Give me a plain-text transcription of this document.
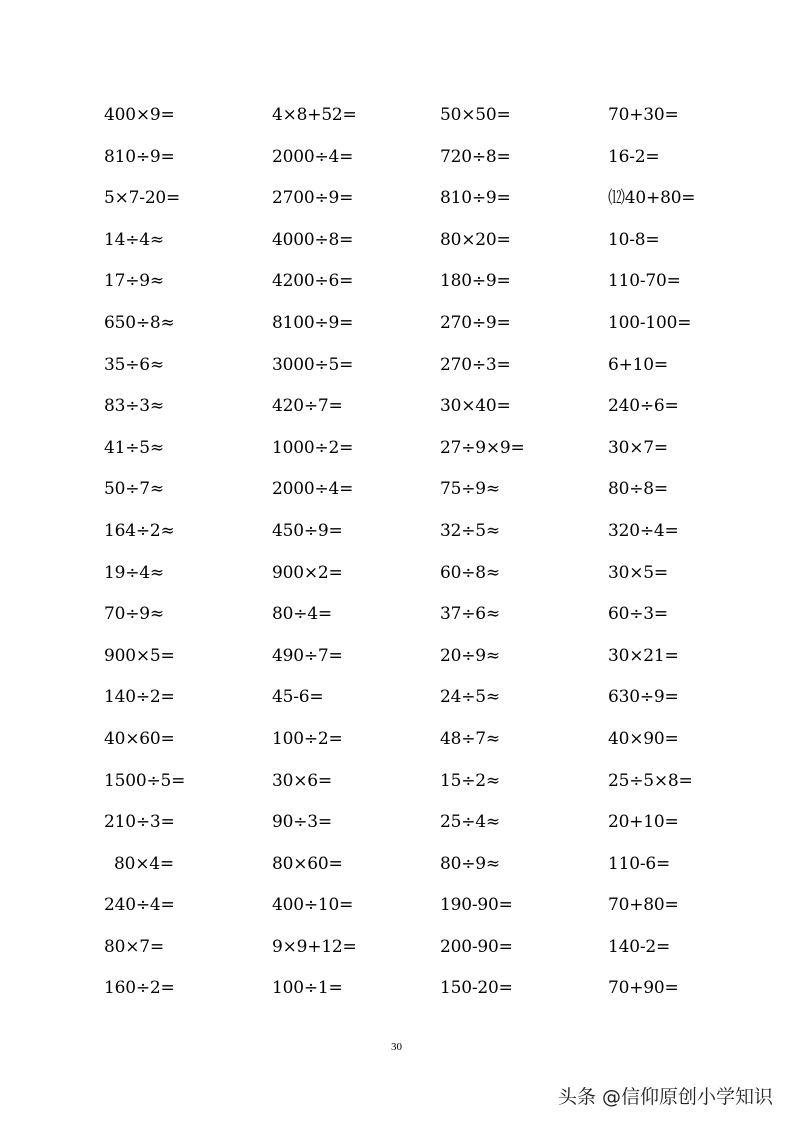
400×9=	4×8+52=	50×50=	70+30=
810÷9=	2000÷4=	720÷8=	16-2=
5×7-20=	2700÷9=	810÷9=	⑿40+80=
14÷4≈	4000÷8=	80×20=	10-8=
17÷9≈	4200÷6=	180÷9=	110-70=
650÷8≈	8100÷9=	270÷9=	100-100=
35÷6≈	3000÷5=	270÷3=	6+10=
83÷3≈	420÷7=	30×40=	240÷6=
41÷5≈	1000÷2=	27÷9×9=	30×7=
50÷7≈	2000÷4=	75÷9≈	80÷8=
164÷2≈	450÷9=	32÷5≈	320÷4=
19÷4≈	900×2=	60÷8≈	30×5=
70÷9≈	80÷4=	37÷6≈	60÷3=
900×5=	490÷7=	20÷9≈	30×21=
140÷2=	45-6=	24÷5≈	630÷9=
40×60=	100÷2=	48÷7≈	40×90=
1500÷5=	30×6=	15÷2≈	25÷5×8=
210÷3=	90÷3=	25÷4≈	20+10=
80×4=	80×60=	80÷9≈	110-6=
240÷4=	400÷10=	190-90=	70+80=
80×7=	9×9+12=	200-90=	140-2=
160÷2=	100÷1=	150-20=	70+90=
30
头条 @信仰原创小学知识
